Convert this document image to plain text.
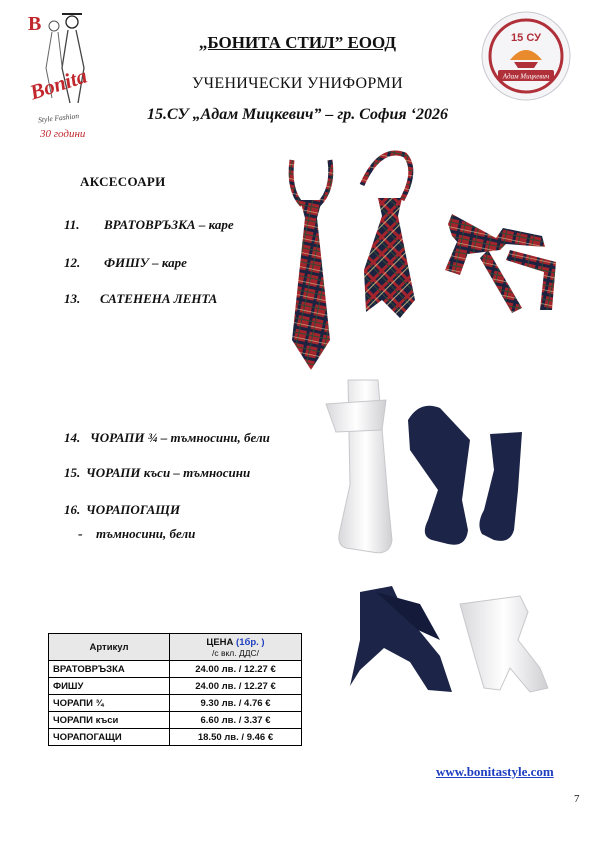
B
Bonita
Style Fashion
30 години
15 СУ
Адам Мицкевич
„БОНИТА СТИЛ” ЕООД
УЧЕНИЧЕСКИ УНИФОРМИ
15.СУ „Адам Мицкевич” – гр. София ‘2026
АКСЕСОАРИ
11. ВРАТОВРЪЗКА – каре
12. ФИШУ – каре
13. САТЕНЕНА ЛЕНТА
14. ЧОРАПИ ¾ – тъмносини, бели
15. ЧОРАПИ къси – тъмносини
16. ЧОРАПОГАЩИ
- тъмносини, бели
Артикул	ЦЕНА (1бр. )
/с вкл. ДДС/

ВРАТОВРЪЗКА	24.00 лв. / 12.27 €
ФИШУ	24.00 лв. / 12.27 €
ЧОРАПИ ¾	9.30 лв. / 4.76 €
ЧОРАПИ къси	6.60 лв. / 3.37 €
ЧОРАПОГАЩИ	18.50 лв. / 9.46 €
www.bonitastyle.com
7
